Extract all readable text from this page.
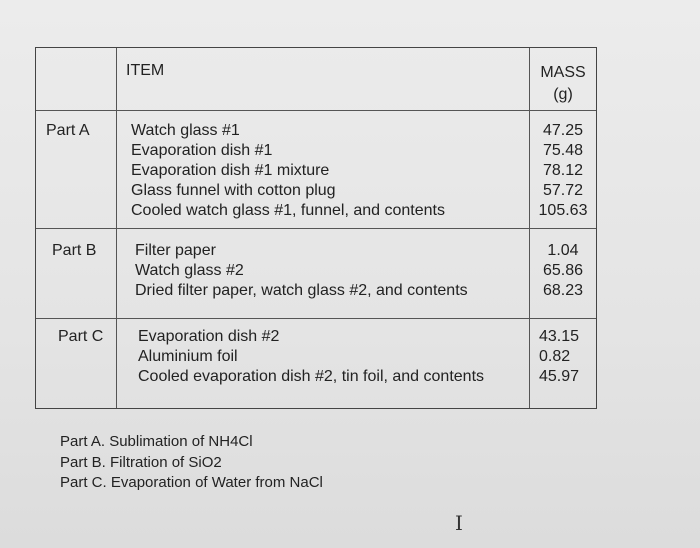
ITEM	MASS
(g)
Part A	Watch glass #1
Evaporation dish #1
Evaporation dish #1 mixture
Glass funnel with cotton plug
Cooled watch glass #1, funnel, and contents
47.25
75.48
78.12
57.72
105.63
Part B Filter paper
Watch glass #2
Dried filter paper, watch glass #2, and contents
1.04
65.86
68.23
Part C Evaporation dish #2
Aluminium foil
Cooled evaporation dish #2, tin foil, and contents
43.15
0.82
45.97
Part A. Sublimation of NH4Cl
Part B. Filtration of SiO2
Part C. Evaporation of Water from NaCl
I
